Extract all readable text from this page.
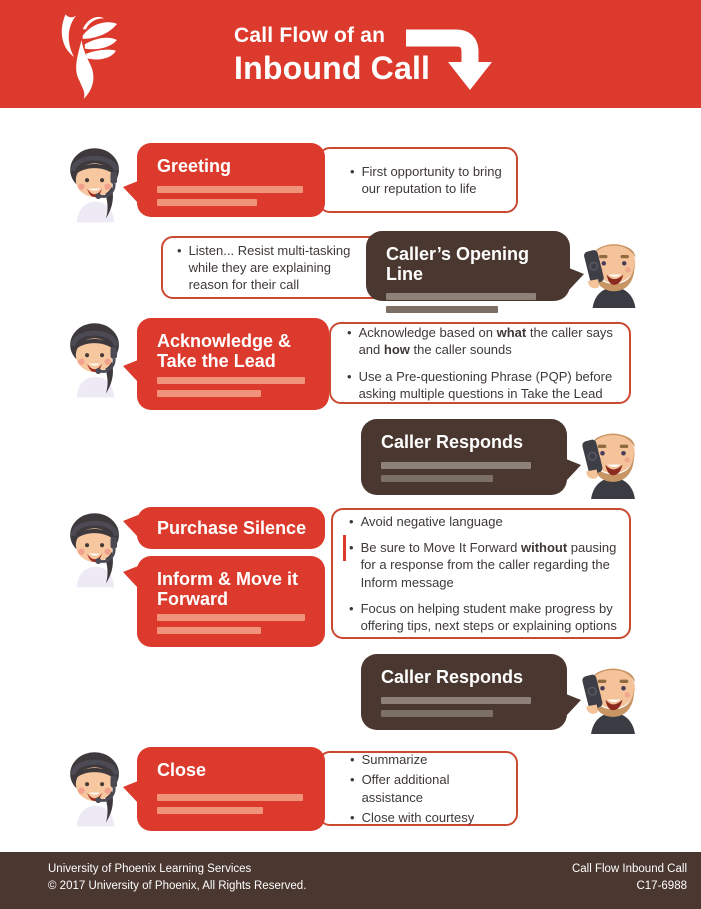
Call Flow of an
Inbound Call
Greeting	• First opportunity to bring our reputation to life
• Listen... Resist multi-tasking while they are explaining reason for their call
Caller’s Opening Line
Acknowledge & Take the Lead
• Acknowledge based on what the caller says and how the caller sounds
• Use a Pre-questioning Phrase (PQP) before asking multiple questions in Take the Lead
Caller Responds
Purchase Silence
Inform & Move it Forward
• Avoid negative language
• Be sure to Move It Forward without pausing for a response from the caller regarding the Inform message
• Focus on helping student make progress by offering tips, next steps or explaining options
Caller Responds
Close
• Summarize
• Offer additional assistance
• Close with courtesy
University of Phoenix Learning Services
© 2017 University of Phoenix, All Rights Reserved.
Call Flow Inbound Call
C17-6988
